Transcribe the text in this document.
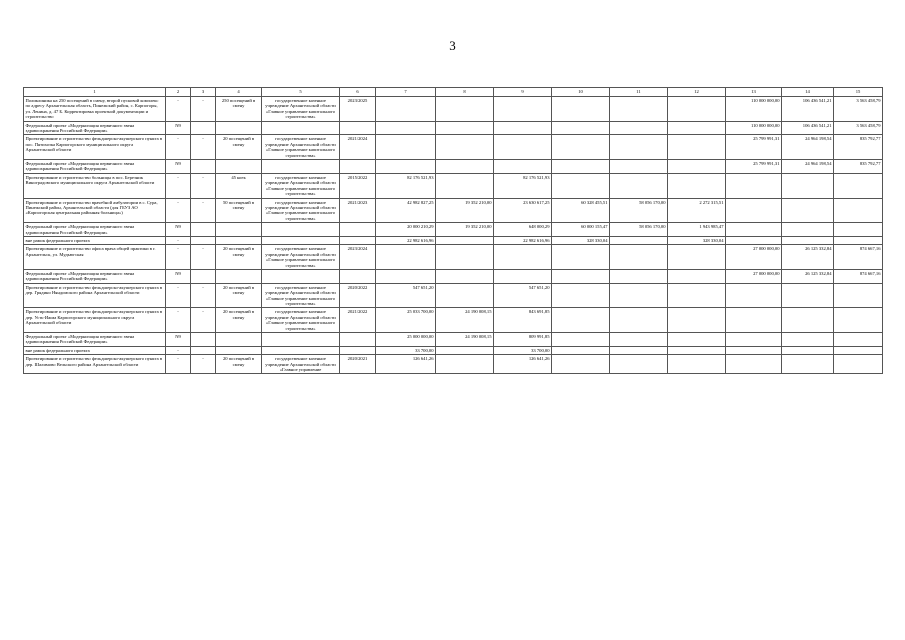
3
1	2	3	4	5	6	7	8	9	10	11	12	13	14	15
Поликлиника на 250 посещений в смену, второй пусковой комплекс по адресу Архангельская область, Пинежский район, с. Карпогоры, ул. Ленина, д. 47 Б. Корректировка проектной документации и строительство	-	-	250 посещений в смену	государственное казенное учреждение Архангельской области «Главное управление капитального строительства»	2023/2025							110 000 000,00	106 436 541,21	3 563 458,79
Федеральный проект «Модернизация первичного звена здравоохранения Российской Федерации»	N9											110 000 000,00	106 436 541,21	3 563 458,79
Проектирование и строительство фельдшерско-акушерского пункта в пос. Пятихозка Карпогорского муниципального округа Архангельской области	-	-	20 посещений в смену	государственное казенное учреждение Архангельской области «Главное управление капитального строительства»	2021/2024							25 799 991,31	24 964 198,54	835 792,77
Федеральный проект «Модернизация первичного звена здравоохранения Российской Федерации»	N9											25 799 991,31	24 964 198,54	835 792,77
Проектирование и строительство больницы в пос. Березник Виноградовского муниципального округа Архангельской области	-	-	45 коек	государственное казенное учреждение Архангельской области «Главное управление капитального строительства»	2015/2022	82 176 521,93		82 176 521,93						
Проектирование и строительство врачебной амбулатории в с. Сура, Пинежский район, Архангельской области (для ГБУЗ АО «Карпогорская центральная районная больница»)	-	-	50 посещений в смену	государственное казенное учреждение Архангельской области «Главное управление капитального строительства»	2021/2023	42 982 827,25	19 352 210,00	23 630 617,25	60 328 455,51	58 056 170,00	2 272 315,51			
Федеральный проект «Модернизация первичного звена здравоохранения Российской Федерации»	N9					20 000 210,29	19 352 210,00	648 000,29	60 000 155,47	58 056 170,00	1 943 985,47			
вне рамок федерального проекта	-					22 982 616,96		22 982 616,96	328 330,04		328 330,04			
Проектирование и строительство офиса врача общей практики в г. Архангельск, ул. Мудьюгская	-	-	20 посещений в смену	государственное казенное учреждение Архангельской области «Главное управление капитального строительства»	2023/2024							27 000 000,00	26 125 332,84	874 667,16
Федеральный проект «Модернизация первичного звена здравоохранения Российской Федерации»	N9											27 000 000,00	26 125 332,84	874 667,16
Проектирование и строительство фельдшерско-акушерского пункта в дер. Грядино Няндомского района Архангельской области	-	-	20 посещений в смену	государственное казенное учреждение Архангельской области «Главное управление капитального строительства»	2020/2022	547 651,20		547 651,20						
Проектирование и строительство фельдшерско-акушерского пункта в дер. Усть-Ижма Карпогорского муниципального округа Архангельской области	-	-	20 посещений в смену	государственное казенное учреждение Архангельской области «Главное управление капитального строительства»	2021/2022	25 033 700,00	24 190 008,15	843 691,85						
Федеральный проект «Модернизация первичного звена здравоохранения Российской Федерации»	N9					25 000 000,00	24 190 008,15	809 991,85						
вне рамок федерального проекта	-					33 700,00		33 700,00						
Проектирование и строительство фельдшерско-акушерского пункта в дер. Шалимово Вельского района Архангельской области	-	-	20 посещений в смену	государственное казенное учреждение Архангельской области «Главное управление	2020/2021	126 641,26		126 641,26						
